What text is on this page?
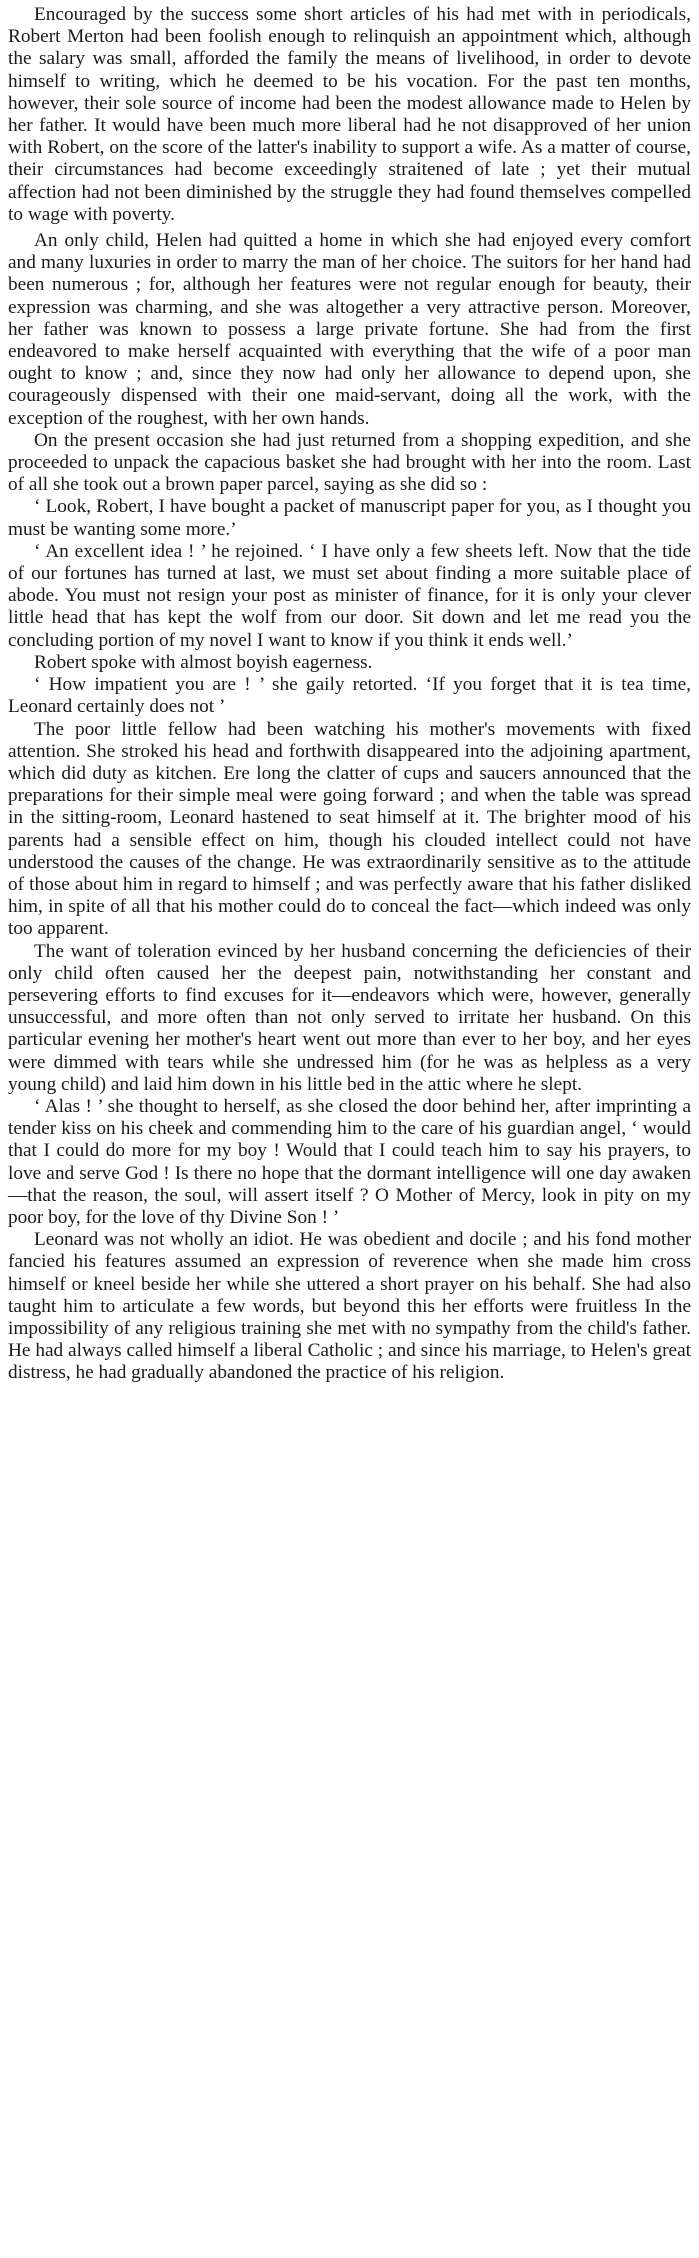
Encouraged by the success some short articles of his had met with in periodicals, Robert Merton had been foolish enough to relinquish an appointment which, although the salary was small, afforded the family the means of livelihood, in order to devote himself to writing, which he deemed to be his vocation. For the past ten months, however, their sole source of income had been the modest allowance made to Helen by her father. It would have been much more liberal had he not disapproved of her union with Robert, on the score of the latter's inability to support a wife. As a matter of course, their circumstances had become exceedingly straitened of late ; yet their mutual affection had not been diminished by the struggle they had found themselves compelled to wage with poverty.

An only child, Helen had quitted a home in which she had enjoyed every comfort and many luxuries in order to marry the man of her choice. The suitors for her hand had been numerous ; for, although her features were not regular enough for beauty, their expression was charming, and she was altogether a very attractive person. Moreover, her father was known to possess a large private fortune. She had from the first endeavored to make herself acquainted with everything that the wife of a poor man ought to know ; and, since they now had only her allowance to depend upon, she courageously dispensed with their one maid-servant, doing all the work, with the exception of the roughest, with her own hands.

On the present occasion she had just returned from a shopping expedition, and she proceeded to unpack the capacious basket she had brought with her into the room. Last of all she took out a brown paper parcel, saying as she did so :

‘ Look, Robert, I have bought a packet of manuscript paper for you, as I thought you must be wanting some more.’

‘ An excellent idea ! ’ he rejoined. ‘ I have only a few sheets left. Now that the tide of our fortunes has turned at last, we must set about finding a more suitable place of abode. You must not resign your post as minister of finance, for it is only your clever little head that has kept the wolf from our door. Sit down and let me read you the concluding portion of my novel I want to know if you think it ends well.’

Robert spoke with almost boyish eagerness.

‘ How impatient you are ! ’ she gaily retorted. ‘If you forget that it is tea time, Leonard certainly does not ’

The poor little fellow had been watching his mother's movements with fixed attention. She stroked his head and forthwith disappeared into the adjoining apartment, which did duty as kitchen. Ere long the clatter of cups and saucers announced that the preparations for their simple meal were going forward ; and when the table was spread in the sitting-room, Leonard hastened to seat himself at it. The brighter mood of his parents had a sensible effect on him, though his clouded intellect could not have understood the causes of the change. He was extraordinarily sensitive as to the attitude of those about him in regard to himself ; and was perfectly aware that his father disliked him, in spite of all that his mother could do to conceal the fact—which indeed was only too apparent.

The want of toleration evinced by her husband concerning the deficiencies of their only child often caused her the deepest pain, notwithstanding her constant and persevering efforts to find excuses for it—endeavors which were, however, generally unsuccessful, and more often than not only served to irritate her husband. On this particular evening her mother's heart went out more than ever to her boy, and her eyes were dimmed with tears while she undressed him (for he was as helpless as a very young child) and laid him down in his little bed in the attic where he slept.

‘ Alas ! ’ she thought to herself, as she closed the door behind her, after imprinting a tender kiss on his cheek and commending him to the care of his guardian angel, ‘ would that I could do more for my boy ! Would that I could teach him to say his prayers, to love and serve God ! Is there no hope that the dormant intelligence will one day awaken—that the reason, the soul, will assert itself ? O Mother of Mercy, look in pity on my poor boy, for the love of thy Divine Son ! ’

Leonard was not wholly an idiot. He was obedient and docile ; and his fond mother fancied his features assumed an expression of reverence when she made him cross himself or kneel beside her while she uttered a short prayer on his behalf. She had also taught him to articulate a few words, but beyond this her efforts were fruitless In the impossibility of any religious training she met with no sympathy from the child's father. He had always called himself a liberal Catholic ; and since his marriage, to Helen's great distress, he had gradually abandoned the practice of his religion.
